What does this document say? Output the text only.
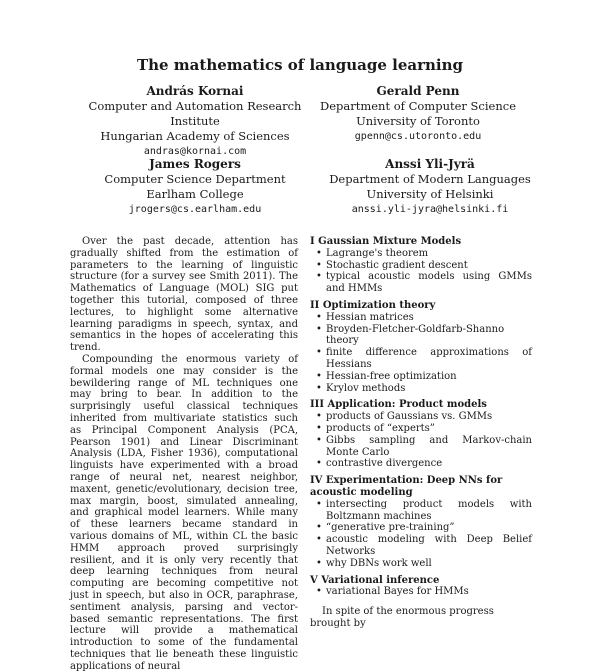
The mathematics of language learning
András Kornai
Computer and Automation Research Institute
Hungarian Academy of Sciences
andras@kornai.com
Gerald Penn
Department of Computer Science
University of Toronto
gpenn@cs.utoronto.edu
James Rogers
Computer Science Department
Earlham College
jrogers@cs.earlham.edu
Anssi Yli-Jyrä
Department of Modern Languages
University of Helsinki
anssi.yli-jyra@helsinki.fi

Over the past decade, attention has gradually shifted from the estimation of parameters to the learning of linguistic structure (for a survey see Smith 2011). The Mathematics of Language (MOL) SIG put together this tutorial, composed of three lectures, to highlight some alternative learning paradigms in speech, syntax, and semantics in the hopes of accelerating this trend.

Compounding the enormous variety of formal models one may consider is the bewildering range of ML techniques one may bring to bear. In addition to the surprisingly useful classical techniques inherited from multivariate statistics such as Principal Component Analysis (PCA, Pearson 1901) and Linear Discriminant Analysis (LDA, Fisher 1936), computational linguists have experimented with a broad range of neural net, nearest neighbor, maxent, genetic/evolutionary, decision tree, max margin, boost, simulated annealing, and graphical model learners. While many of these learners became standard in various domains of ML, within CL the basic HMM approach proved surprisingly resilient, and it is only very recently that deep learning techniques from neural computing are becoming competitive not just in speech, but also in OCR, paraphrase, sentiment analysis, parsing and vector-based semantic representations. The first lecture will provide a mathematical introduction to some of the fundamental techniques that lie beneath these linguistic applications of neural

I Gaussian Mixture Models
• Lagrange's theorem
• Stochastic gradient descent
• typical acoustic models using GMMs and HMMs
II Optimization theory
• Hessian matrices
• Broyden-Fletcher-Goldfarb-Shanno theory
• finite difference approximations of Hessians
• Hessian-free optimization
• Krylov methods
III Application: Product models
• products of Gaussians vs. GMMs
• products of “experts”
• Gibbs sampling and Markov-chain Monte Carlo
• contrastive divergence
IV Experimentation: Deep NNs for acoustic modeling
• intersecting product models with Boltzmann machines
• “generative pre-training”
• acoustic modeling with Deep Belief Networks
• why DBNs work well
V Variational inference
• variational Bayes for HMMs
In spite of the enormous progress brought by
